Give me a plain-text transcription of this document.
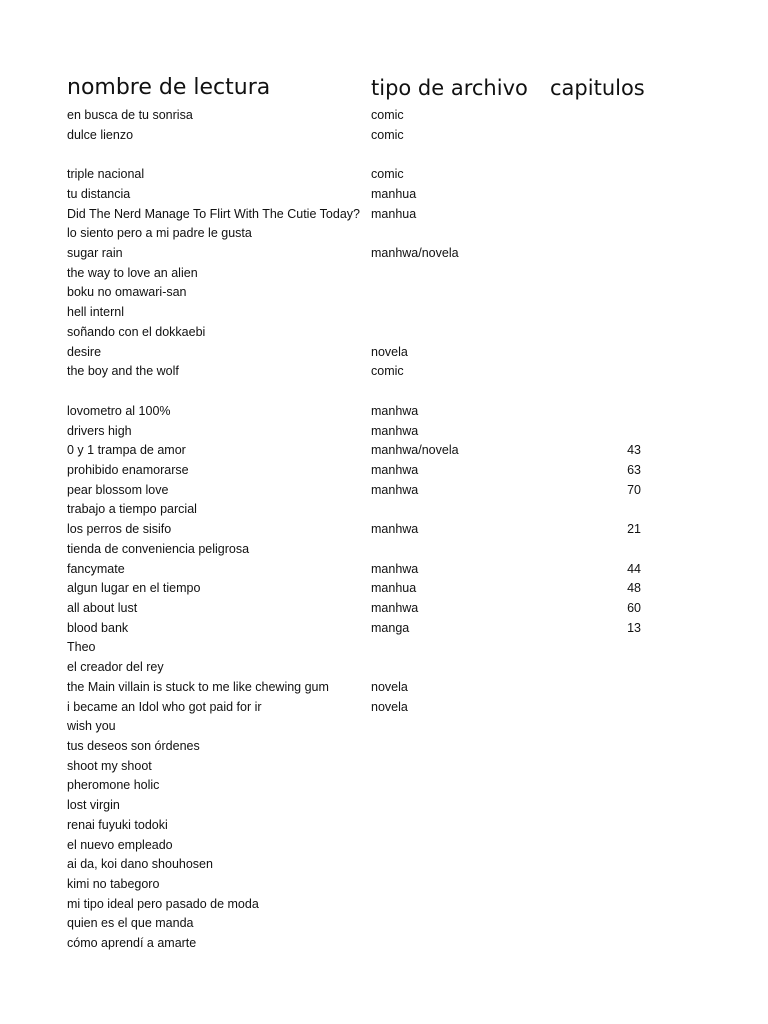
nombre de lectura	tipo de archivo capitulos
en busca de tu sonrisa	comic
dulce lienzo	comic
triple nacional	comic
tu distancia	manhua
Did The Nerd Manage To Flirt With The Cutie Today? manhua
lo siento pero a mi padre le gusta
sugar rain	manhwa/novela
the way to love an alien
boku no omawari-san
hell internl
soñando con el dokkaebi
desire	novela
the boy and the wolf	comic
lovometro al 100%	manhwa
drivers high	manhwa
0 y 1 trampa de amor	manhwa/novela	43
prohibido enamorarse	manhwa	63
pear blossom love	manhwa	70
trabajo a tiempo parcial
los perros de sisifo	manhwa	21
tienda de conveniencia peligrosa
fancymate	manhwa	44
algun lugar en el tiempo	manhua	48
all about lust	manhwa	60
blood bank	manga	13
Theo
el creador del rey
the Main villain is stuck to me like chewing gum	novela
i became an Idol who got paid for ir	novela
wish you
tus deseos son órdenes
shoot my shoot
pheromone holic
lost virgin
renai fuyuki todoki
el nuevo empleado
ai da, koi dano shouhosen
kimi no tabegoro
mi tipo ideal pero pasado de moda
quien es el que manda
cómo aprendí a amarte
